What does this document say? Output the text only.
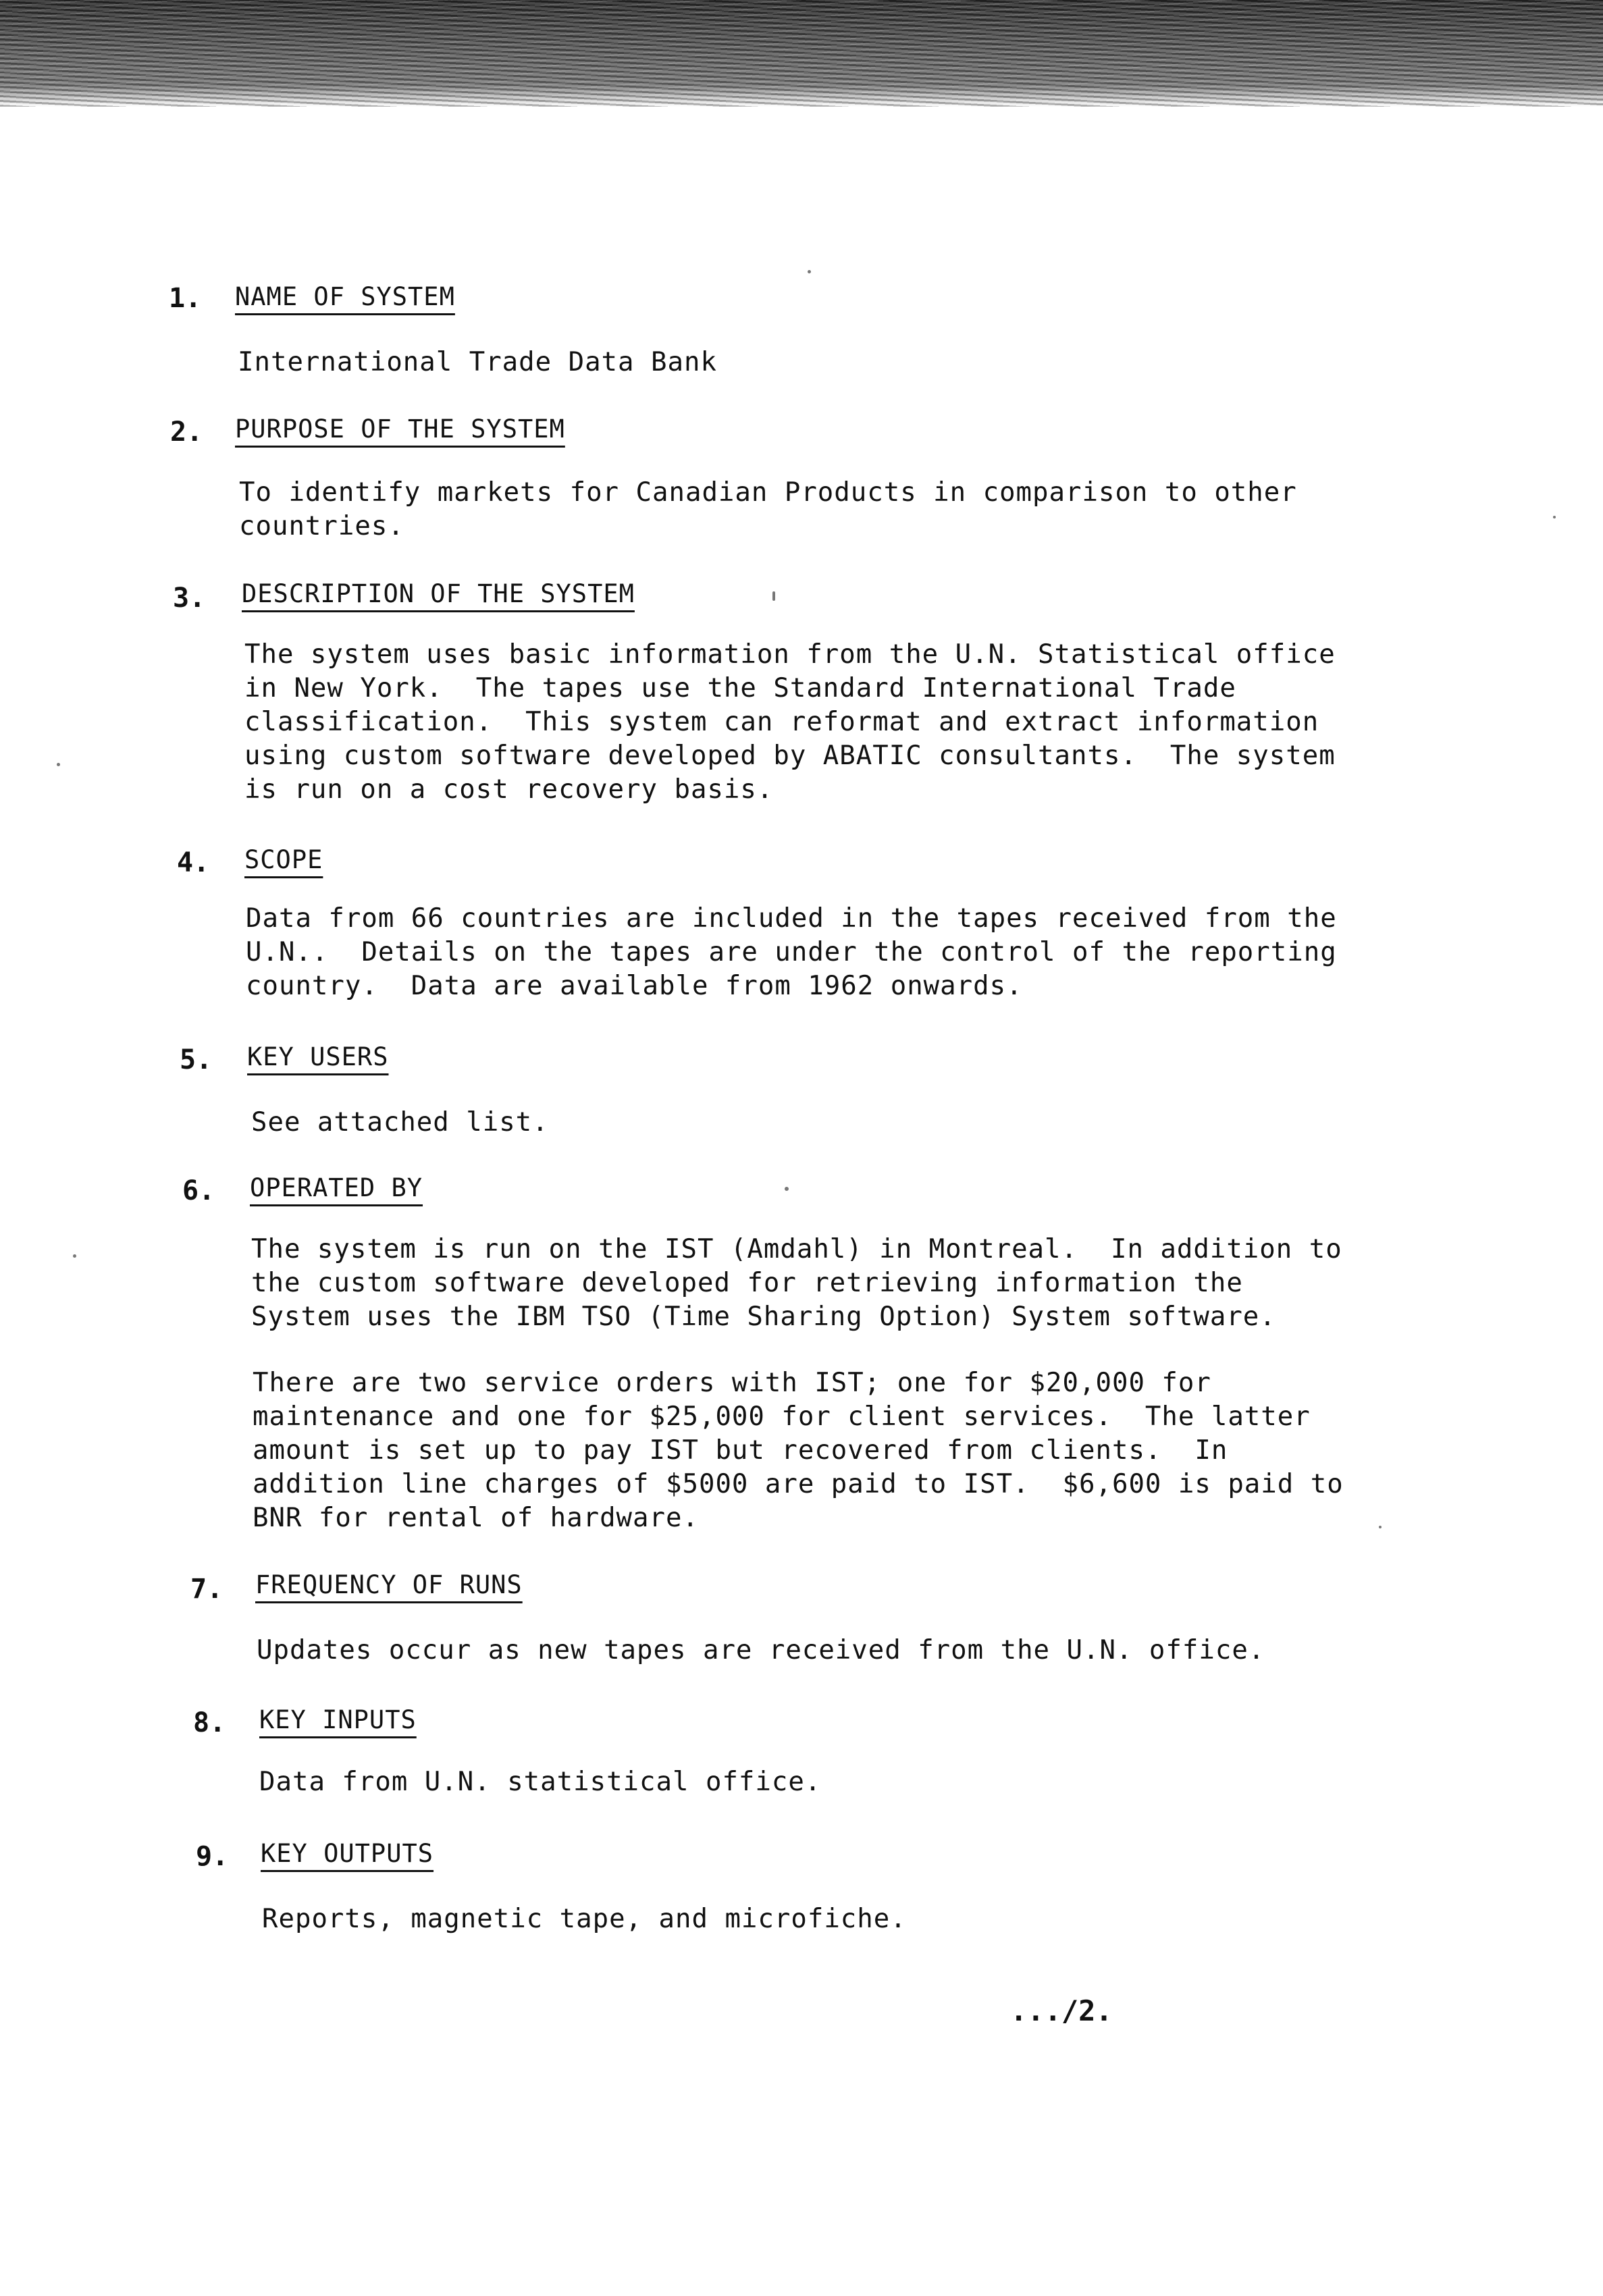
1. NAME OF SYSTEM
International Trade Data Bank
2. PURPOSE OF THE SYSTEM
To identify markets for Canadian Products in comparison to other
countries.
3. DESCRIPTION OF THE SYSTEM
The system uses basic information from the U.N. Statistical office
in New York.  The tapes use the Standard International Trade
classification.  This system can reformat and extract information
using custom software developed by ABATIC consultants.  The system
is run on a cost recovery basis.
4. SCOPE
Data from 66 countries are included in the tapes received from the
U.N..  Details on the tapes are under the control of the reporting
country.  Data are available from 1962 onwards.
5. KEY USERS
See attached list.
6. OPERATED BY
The system is run on the IST (Amdahl) in Montreal.  In addition to
the custom software developed for retrieving information the
System uses the IBM TSO (Time Sharing Option) System software.
There are two service orders with IST; one for $20,000 for
maintenance and one for $25,000 for client services.  The latter
amount is set up to pay IST but recovered from clients.  In
addition line charges of $5000 are paid to IST.  $6,600 is paid to
BNR for rental of hardware.
7. FREQUENCY OF RUNS
Updates occur as new tapes are received from the U.N. office.
8. KEY INPUTS
Data from U.N. statistical office.
9. KEY OUTPUTS
Reports, magnetic tape, and microfiche.
.../2.
